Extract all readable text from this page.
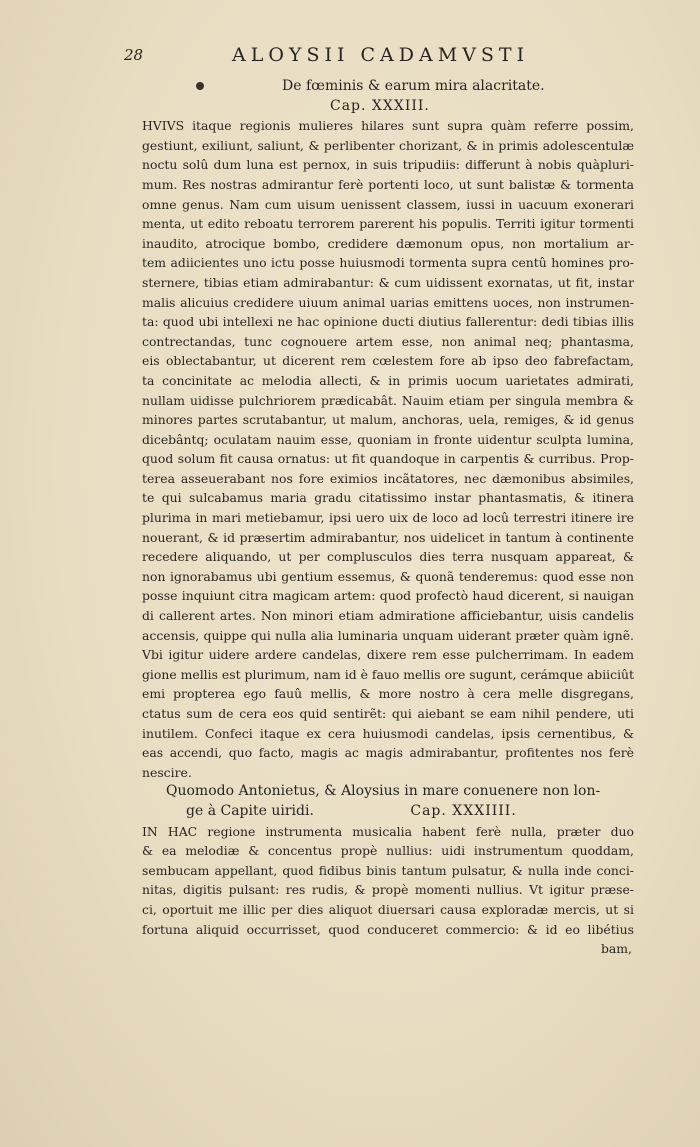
28	ALOYSII CADAMVSTI
De fœminis & earum mira alacritate.
Cap. XXXIII.
HVIVS itaque regionis mulieres hilares sunt supra quàm referre possim,
gestiunt, exiliunt, saliunt, & perlibenter chorizant, & in primis adolescentulæ
noctu solû dum luna est pernox, in suis tripudiis: differunt à nobis quàpluri-
mum. Res nostras admirantur ferè portenti loco, ut sunt balistæ & tormenta
omne genus. Nam cum uisum uenissent classem, iussi in uacuum exonerari
menta, ut edito reboatu terrorem parerent his populis. Territi igitur tormenti
inaudito, atrocique bombo, credidere dæmonum opus, non mortalium ar-
tem adiicientes uno ictu posse huiusmodi tormenta supra centû homines pro-
sternere, tibias etiam admirabantur: & cum uidissent exornatas, ut fit, instar
malis alicuius credidere uiuum animal uarias emittens uoces, non instrumen-
ta: quod ubi intellexi ne hac opinione ducti diutius fallerentur: dedi tibias illis
contrectandas, tunc cognouere artem esse, non animal neq; phantasma,
eis oblectabantur, ut dicerent rem cœlestem fore ab ipso deo fabrefactam,
ta concinitate ac melodia allecti, & in primis uocum uarietates admirati,
nullam uidisse pulchriorem prædicabât. Nauim etiam per singula membra &
minores partes scrutabantur, ut malum, anchoras, uela, remiges, & id genus
dicebântq; oculatam nauim esse, quoniam in fronte uidentur sculpta lumina,
quod solum fit causa ornatus: ut fit quandoque in carpentis & curribus. Prop-
terea asseuerabant nos fore eximios incãtatores, nec dæmonibus absimiles,
te qui sulcabamus maria gradu citatissimo instar phantasmatis, & itinera
plurima in mari metiebamur, ipsi uero uix de loco ad locû terrestri itinere ire
nouerant, & id præsertim admirabantur, nos uidelicet in tantum à continente
recedere aliquando, ut per complusculos dies terra nusquam appareat, &
non ignorabamus ubi gentium essemus, & quonã tenderemus: quod esse non
posse inquiunt citra magicam artem: quod profectò haud dicerent, si nauigan
di callerent artes. Non minori etiam admiratione afficiebantur, uisis candelis
accensis, quippe qui nulla alia luminaria unquam uiderant præter quàm ignẽ.
Vbi igitur uidere ardere candelas, dixere rem esse pulcherrimam. In eadem
gione mellis est plurimum, nam id è fauo mellis ore sugunt, cerámque abiiciût
emi propterea ego fauû mellis, & more nostro à cera melle disgregans,
ctatus sum de cera eos quid sentirẽt: qui aiebant se eam nihil pendere, uti
inutilem. Confeci itaque ex cera huiusmodi candelas, ipsis cernentibus, &
eas accendi, quo facto, magis ac magis admirabantur, profitentes nos ferè
nescire.
Quomodo Antonietus, & Aloysius in mare conuenere non lon-
ge à Capite uiridi.	Cap. XXXIIII.
IN HAC regione instrumenta musicalia habent ferè nulla, præter duo
& ea melodiæ & concentus propè nullius: uidi instrumentum quoddam,
sembucam appellant, quod fidibus binis tantum pulsatur, & nulla inde conci-
nitas, digitis pulsant: res rudis, & propè momenti nullius. Vt igitur præse-
ci, oportuit me illic per dies aliquot diuersari causa exploradæ mercis, ut si
fortuna aliquid occurrisset, quod conduceret commercio: & id eo libétius
bam,
